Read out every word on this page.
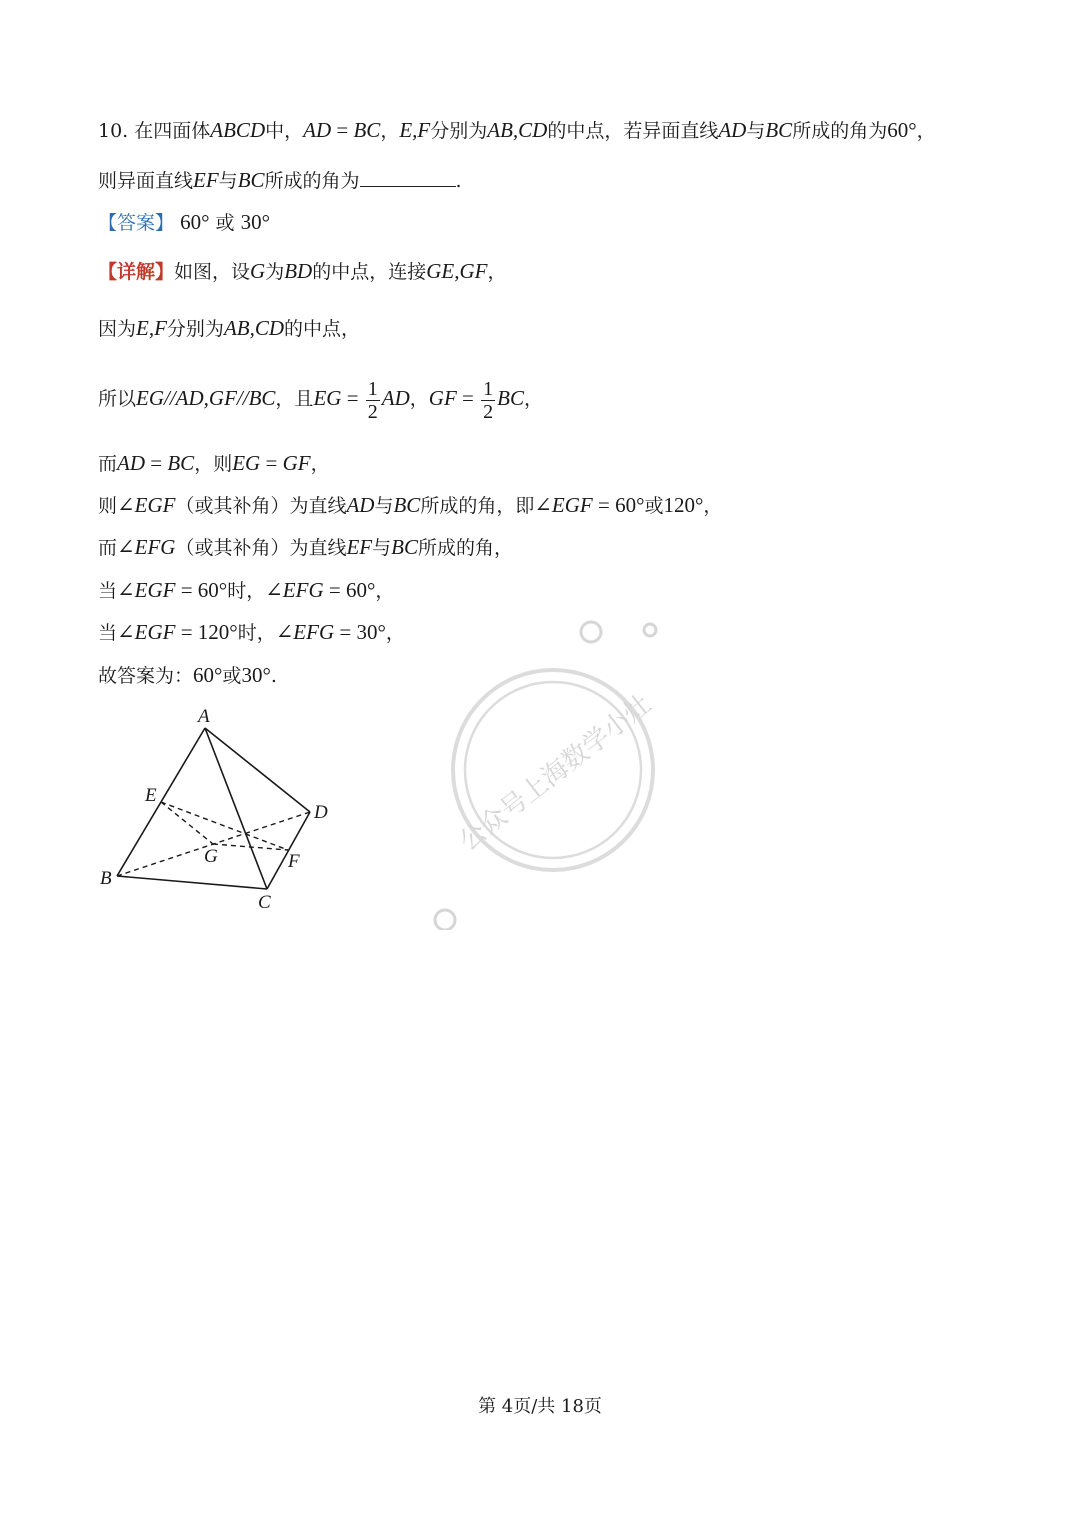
10. 在四面体ABCD中，AD = BC，E,F分别为AB,CD的中点，若异面直线AD与BC所成的角为60°，
则异面直线EF与BC所成的角为	.
【答案】 60° 或 30°
【详解】如图，设G为BD的中点，连接GE,GF，
因为E,F分别为AB,CD的中点，
所以EG//AD,GF//BC，且EG = $\frac{1}{2}$ AD，GF = $\frac{1}{2}$ BC，
而AD = BC，则EG = GF，
则∠EGF（或其补角）为直线AD与BC所成的角，即∠EGF = 60°或120°，
而∠EFG（或其补角）为直线EF与BC所成的角，
当∠EGF = 60°时，∠EFG = 60°，
当∠EGF = 120°时，∠EFG = 30°，
故答案为：60°或30°.
公众号上海数学小灶
A
B
C
D
E
F
G
第 4页/共 18页
